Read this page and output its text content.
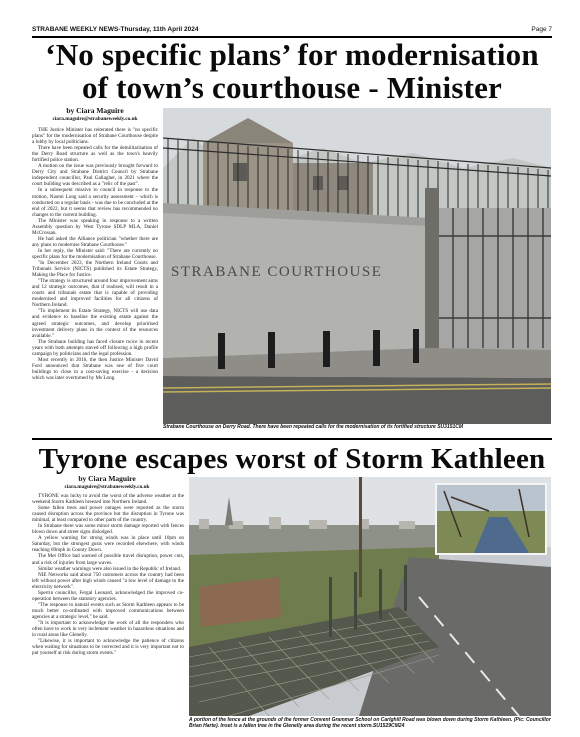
STRABANE WEEKLY NEWS-Thursday, 11th April 2024	Page 7
‘No specific plans’ for modernisation
of town’s courthouse - Minister
by Ciara Maguire
ciara.maguire@strabaneweekly.co.uk

THE Justice Minister has reiterated there is "no specific plans" for the modernisation of Strabane Courthouse despite a lobby by local politicians.

There have been repeated calls for the demilitarisation of the Derry Road structure as well as the town's heavily fortified police station.

A motion on the issue was previously brought forward to Derry City and Strabane District Council by Strabane independent councillor, Paul Gallagher, in 2021 where the court building was described as a "relic of the past".

In a subsequent missive to council in response to the motion, Naomi Long said a security assessment – which is conducted on a regular basis - was due to be concluded at the end of 2022, but it seems that review has recommended no changes to the current building.

The Minister was speaking in response to a written Assembly question by West Tyrone SDLP MLA, Daniel McCrossan.

He had asked the Alliance politician "whether there are any plans to modernise Strabane Courthouse."

In her reply, the Minister said: "There are currently no specific plans for the modernisation of Strabane Courthouse.

"In December 2023, the Northern Ireland Courts and Tribunals Service (NICTS) published its Estate Strategy, Making the Place for Justice.

"The strategy is structured around four improvement aims and 12 strategic outcomes, that if realised, will result in a courts and tribunals estate that is capable of providing modernised and improved facilities for all citizens of Northern Ireland.

"To implement its Estate Strategy, NICTS will use data and evidence to baseline the existing estate against the agreed strategic outcomes, and develop prioritised investment delivery plans in the context of the resources available."

The Strabane building has faced closure twice in recent years with both attempts staved off following a high profile campaign by politicians and the legal profession.

Most recently in 2016, the then Justice Minister David Ford announced that Strabane was one of five court buildings to close in a cost-saving exercise - a decision which was later overturned by Ms Long.

STRABANE COURTHOUSE
Strabane Courthouse on Derry Road. There have been repeated calls for the modernisation of its fortified structure SU3151CM
Tyrone escapes worst of Storm Kathleen
by Ciara Maguire
ciara.maguire@strabaneweekly.co.uk

TYRONE was lucky to avoid the worst of the adverse weather at the weekend Storm Kathleen breezed into Northern Ireland.

Some fallen trees and power outages were reported as the storm caused disruption across the province but the disruption in Tyrone was minimal, at least compared to other parts of the country.

In Strabane there was some minor storm damage reported with fences blown down and street signs dislodged.

A yellow warning for strong winds was in place until 10pm on Saturday, but the strongest gusts were recorded elsewhere, with winds reaching 69mph in County Down.

The Met Office had warned of possible travel disruption, power cuts, and a risk of injuries from large waves.

Similar weather warnings were also issued in the Republic of Ireland.

NIE Networks said about 750 customers across the country had been left without power after high winds caused "a low level of damage to the electricity network".

Sperrin councillor, Fergal Leonard, acknowledged the improved co-operation between the statutory agencies.

"The response to natural events such as Storm Kathleen appears to be much better co-ordinated with improved communications between agencies at a strategic level," he said.

"It is important to acknowledge the work of all the responders who often have to work in very inclement weather in hazardous situations and in rural areas like Glenelly.

"Likewise, it is important to acknowledge the patience of citizens when waiting for situations to be corrected and it is very important not to put yourself at risk during storm events."

A portion of the fence at the grounds of the former Convent Grammar School on Carlghill Road was blown down during Storm Kathleen. (Pic: Councillor Brian Harte). Inset is a fallen tree in the Glenelly area during the recent storm.SU1529CM24
